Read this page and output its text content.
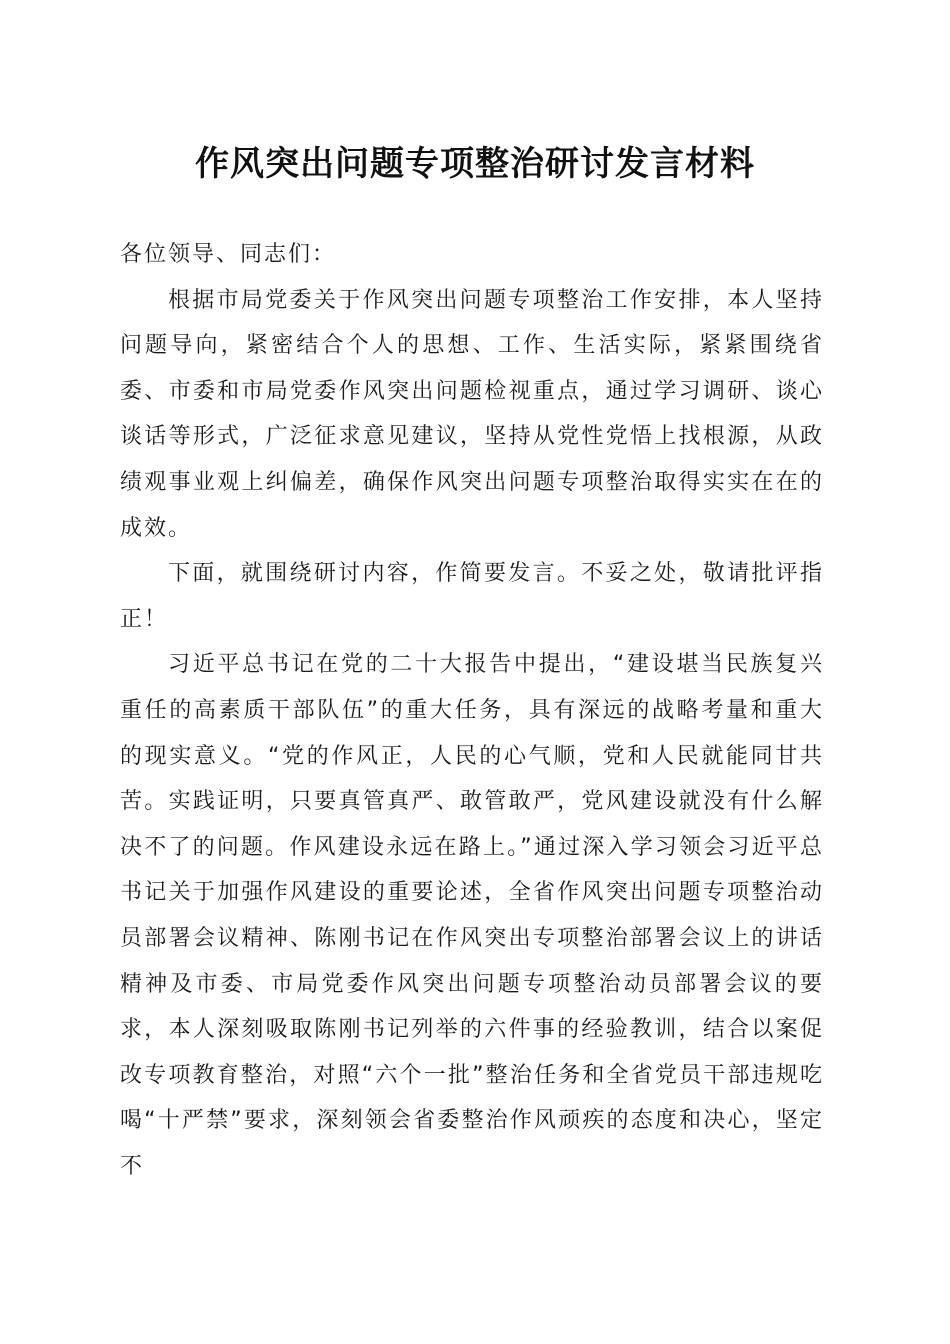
作风突出问题专项整治研讨发言材料

各位领导、同志们：

根据市局党委关于作风突出问题专项整治工作安排，本人坚持问题导向，紧密结合个人的思想、工作、生活实际，紧紧围绕省委、市委和市局党委作风突出问题检视重点，通过学习调研、谈心谈话等形式，广泛征求意见建议，坚持从党性党悟上找根源，从政绩观事业观上纠偏差，确保作风突出问题专项整治取得实实在在的成效。

下面，就围绕研讨内容，作简要发言。不妥之处，敬请批评指正！

习近平总书记在党的二十大报告中提出，“建设堪当民族复兴重任的高素质干部队伍”的重大任务，具有深远的战略考量和重大的现实意义。“党的作风正，人民的心气顺，党和人民就能同甘共苦。实践证明，只要真管真严、敢管敢严，党风建设就没有什么解决不了的问题。作风建设永远在路上。”通过深入学习领会习近平总书记关于加强作风建设的重要论述，全省作风突出问题专项整治动员部署会议精神、陈刚书记在作风突出专项整治部署会议上的讲话精神及市委、市局党委作风突出问题专项整治动员部署会议的要求，本人深刻吸取陈刚书记列举的六件事的经验教训，结合以案促改专项教育整治，对照“六个一批”整治任务和全省党员干部违规吃喝“十严禁”要求，深刻领会省委整治作风顽疾的态度和决心，坚定不
